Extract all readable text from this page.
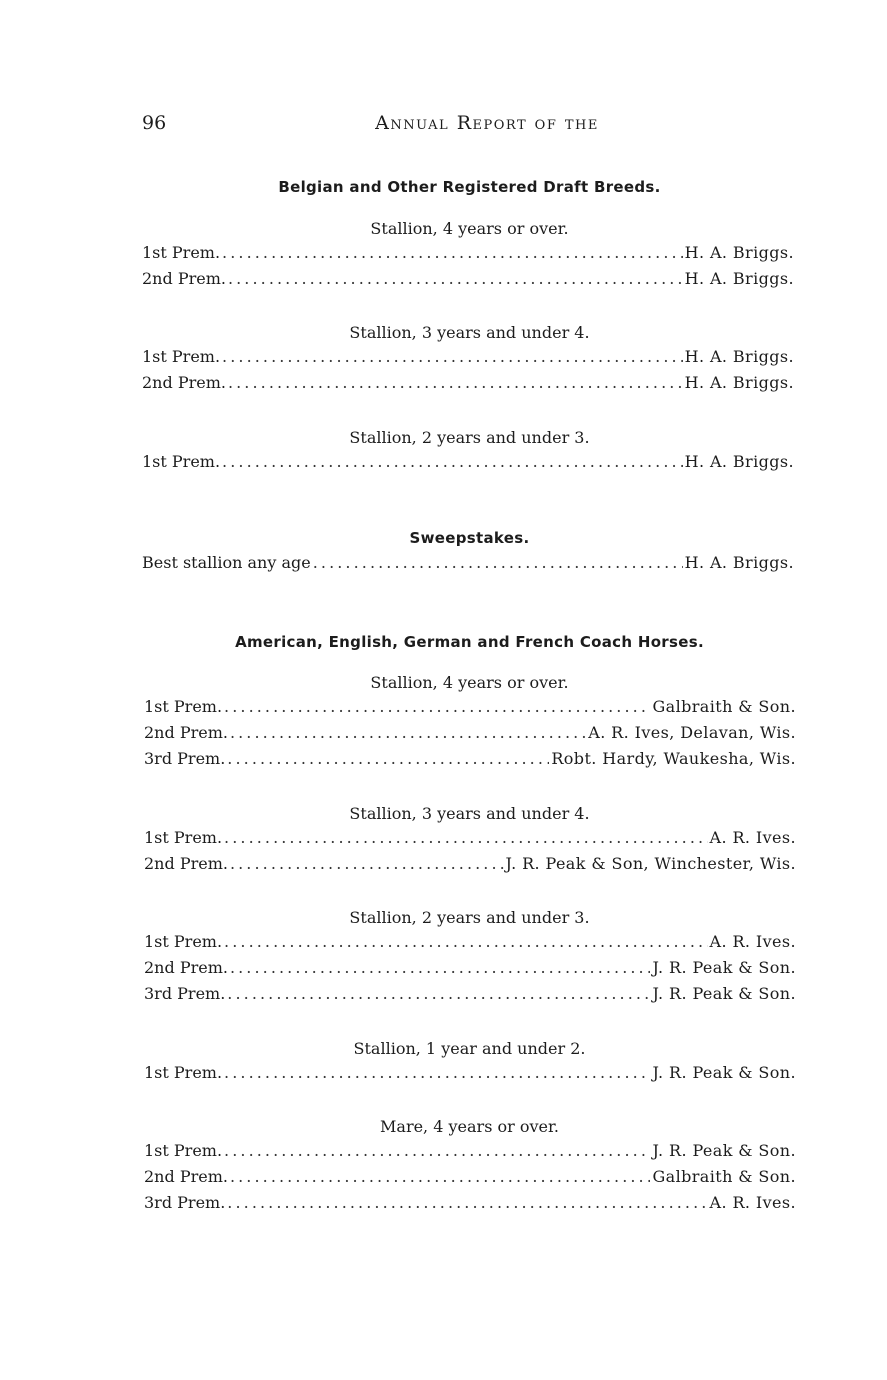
96	Annual Report of the
Belgian and Other Registered Draft Breeds.
Stallion, 4 years or over.
1st Prem. . . .	H. A. Briggs.
2nd Prem. . . .	H. A. Briggs.
Stallion, 3 years and under 4.
1st Prem. . . .	H. A. Briggs.
2nd Prem. . . .	H. A. Briggs.
Stallion, 2 years and under 3.
1st Prem. . . .	H. A. Briggs.
Sweepstakes.
Best stallion any age . . .	H. A. Briggs.
American, English, German and French Coach Horses.
Stallion, 4 years or over.
1st Prem. . . .	Galbraith & Son.
2nd Prem. . . .	A. R. Ives, Delavan, Wis.
3rd Prem. . . .	Robt. Hardy, Waukesha, Wis.
Stallion, 3 years and under 4.
1st Prem. . . .	A. R. Ives.
2nd Prem. . . .	J. R. Peak & Son, Winchester, Wis.
Stallion, 2 years and under 3.
1st Prem. . . .	A. R. Ives.
2nd Prem. . . .	J. R. Peak & Son.
3rd Prem. . . .	J. R. Peak & Son.
Stallion, 1 year and under 2.
1st Prem. . . .	J. R. Peak & Son.
Mare, 4 years or over.
1st Prem. . . .	J. R. Peak & Son.
2nd Prem. . . .	Galbraith & Son.
3rd Prem. . . .	A. R. Ives.
